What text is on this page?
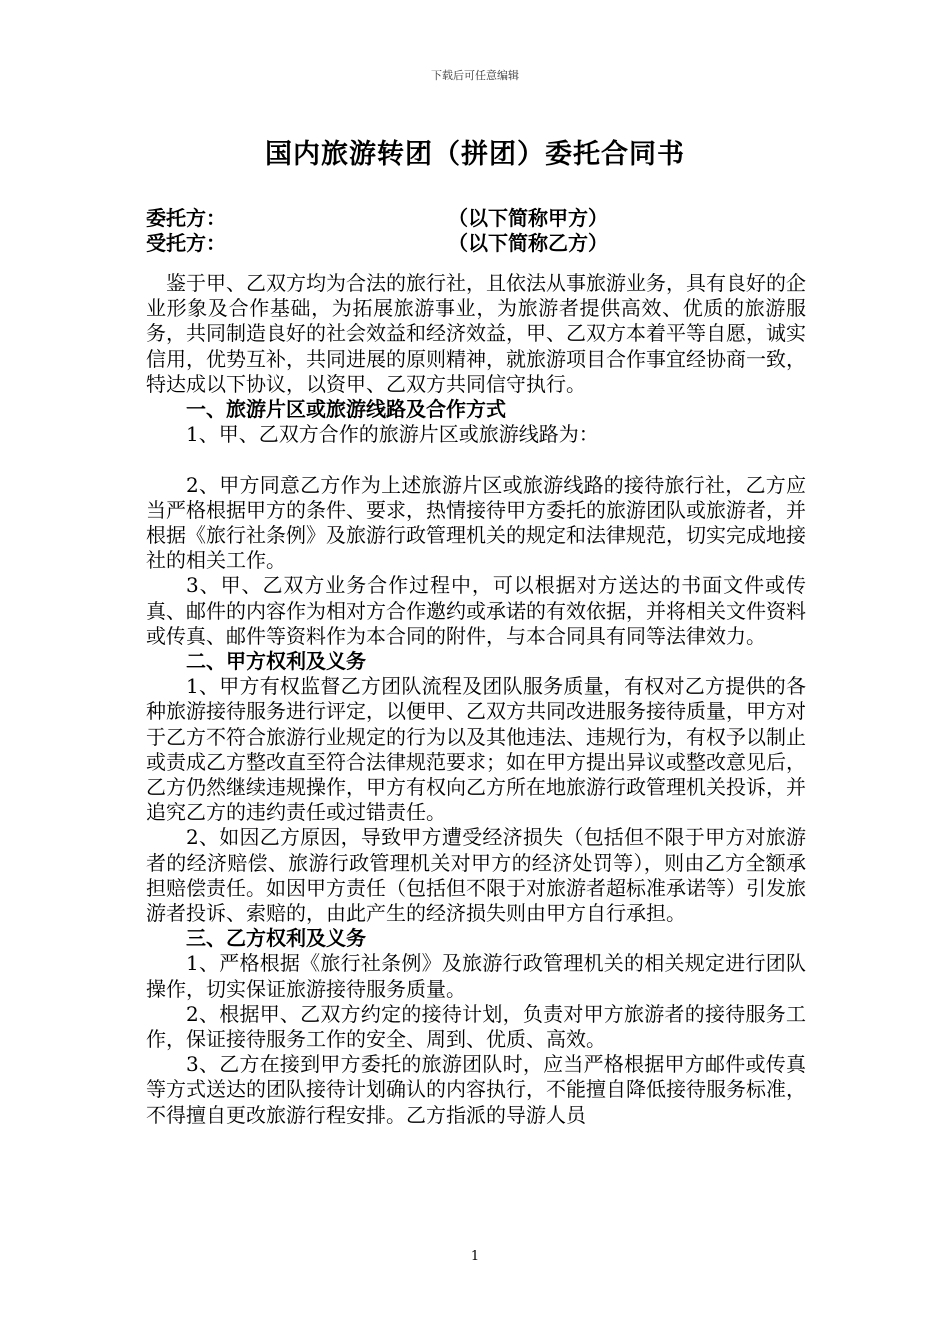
下载后可任意编辑
国内旅游转团（拼团）委托合同书
委托方：	（以下简称甲方）
受托方：	（以下简称乙方）

鉴于甲、乙双方均为合法的旅行社，且依法从事旅游业务，具有良好的企业形象及合作基础，为拓展旅游事业，为旅游者提供高效、优质的旅游服务，共同制造良好的社会效益和经济效益，甲、乙双方本着平等自愿，诚实信用，优势互补，共同进展的原则精神，就旅游项目合作事宜经协商一致，特达成以下协议，以资甲、乙双方共同信守执行。

一、旅游片区或旅游线路及合作方式

1、甲、乙双方合作的旅游片区或旅游线路为：

2、甲方同意乙方作为上述旅游片区或旅游线路的接待旅行社，乙方应当严格根据甲方的条件、要求，热情接待甲方委托的旅游团队或旅游者，并根据《旅行社条例》及旅游行政管理机关的规定和法律规范，切实完成地接社的相关工作。

3、甲、乙双方业务合作过程中，可以根据对方送达的书面文件或传真、邮件的内容作为相对方合作邀约或承诺的有效依据，并将相关文件资料或传真、邮件等资料作为本合同的附件，与本合同具有同等法律效力。

二、甲方权利及义务

1、甲方有权监督乙方团队流程及团队服务质量，有权对乙方提供的各种旅游接待服务进行评定，以便甲、乙双方共同改进服务接待质量，甲方对于乙方不符合旅游行业规定的行为以及其他违法、违规行为，有权予以制止或责成乙方整改直至符合法律规范要求；如在甲方提出异议或整改意见后，乙方仍然继续违规操作，甲方有权向乙方所在地旅游行政管理机关投诉，并追究乙方的违约责任或过错责任。

2、如因乙方原因，导致甲方遭受经济损失（包括但不限于甲方对旅游者的经济赔偿、旅游行政管理机关对甲方的经济处罚等），则由乙方全额承担赔偿责任。如因甲方责任（包括但不限于对旅游者超标准承诺等）引发旅游者投诉、索赔的，由此产生的经济损失则由甲方自行承担。

三、乙方权利及义务

1、严格根据《旅行社条例》及旅游行政管理机关的相关规定进行团队操作，切实保证旅游接待服务质量。

2、根据甲、乙双方约定的接待计划，负责对甲方旅游者的接待服务工作，保证接待服务工作的安全、周到、优质、高效。

3、乙方在接到甲方委托的旅游团队时，应当严格根据甲方邮件或传真等方式送达的团队接待计划确认的内容执行，不能擅自降低接待服务标准，不得擅自更改旅游行程安排。乙方指派的导游人员

1
